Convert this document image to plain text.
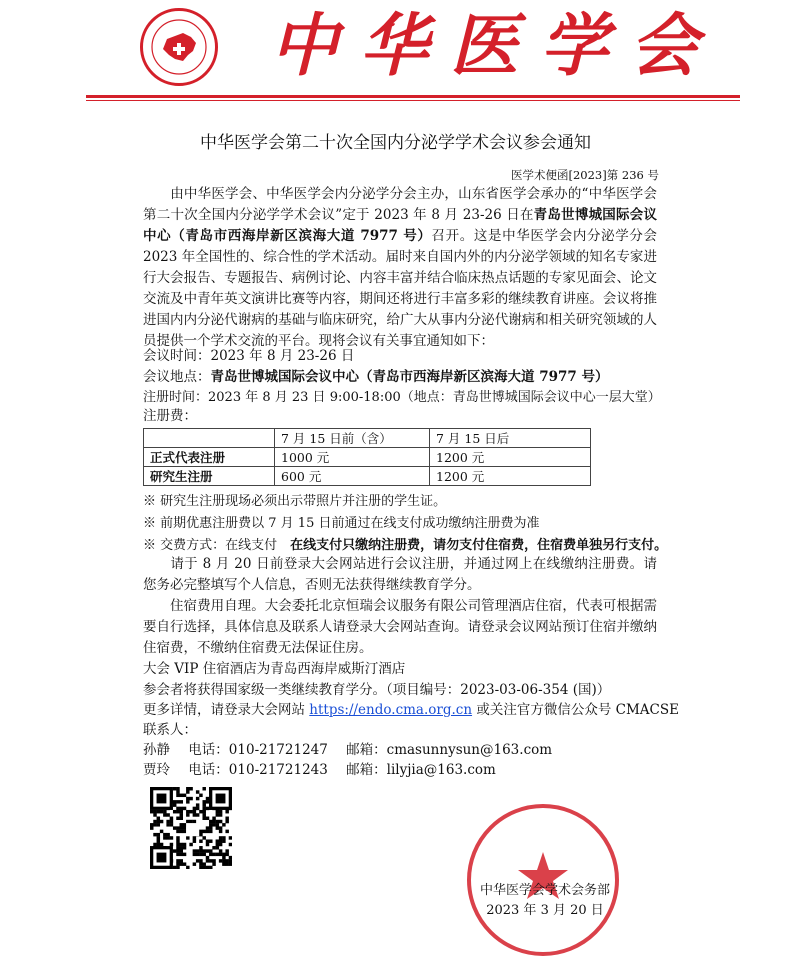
中华医学会
中华医学会第二十次全国内分泌学学术会议参会通知
医学术便函[2023]第 236 号
由中华医学会、中华医学会内分泌学分会主办，山东省医学会承办的“中华医学会第二十次全国内分泌学学术会议”定于 2023 年 8 月 23-26 日在青岛世博城国际会议中心（青岛市西海岸新区滨海大道 7977 号）召开。这是中华医学会内分泌学分会 2023 年全国性的、综合性的学术活动。届时来自国内外的内分泌学领域的知名专家进行大会报告、专题报告、病例讨论、内容丰富并结合临床热点话题的专家见面会、论文交流及中青年英文演讲比赛等内容，期间还将进行丰富多彩的继续教育讲座。会议将推进国内内分泌代谢病的基础与临床研究，给广大从事内分泌代谢病和相关研究领域的人员提供一个学术交流的平台。现将会议有关事宜通知如下：
会议时间：2023 年 8 月 23-26 日
会议地点：青岛世博城国际会议中心（青岛市西海岸新区滨海大道 7977 号）
注册时间：2023 年 8 月 23 日 9:00-18:00（地点：青岛世博城国际会议中心一层大堂）
注册费：
	7 月 15 日前（含）	7 月 15 日后
正式代表注册	1000 元	1200 元
研究生注册	600 元	1200 元
※ 研究生注册现场必须出示带照片并注册的学生证。
※ 前期优惠注册费以 7 月 15 日前通过在线支付成功缴纳注册费为准
※ 交费方式：在线支付　在线支付只缴纳注册费，请勿支付住宿费，住宿费单独另行支付。
请于 8 月 20 日前登录大会网站进行会议注册，并通过网上在线缴纳注册费。请您务必完整填写个人信息，否则无法获得继续教育学分。
住宿费用自理。大会委托北京恒瑞会议服务有限公司管理酒店住宿，代表可根据需要自行选择，具体信息及联系人请登录大会网站查询。请登录会议网站预订住宿并缴纳住宿费，不缴纳住宿费无法保证住房。
大会 VIP 住宿酒店为青岛西海岸威斯汀酒店
参会者将获得国家级一类继续教育学分。（项目编号：2023-03-06-354 (国)）
更多详情，请登录大会网站 https://endo.cma.org.cn 或关注官方微信公众号 CMACSE
联系人：
孙静 电话：010-21721247 邮箱：cmasunnysun@163.com
贾玲 电话：010-21721243 邮箱：lilyjia@163.com
中华医学会学术会务部
2023 年 3 月 20 日
